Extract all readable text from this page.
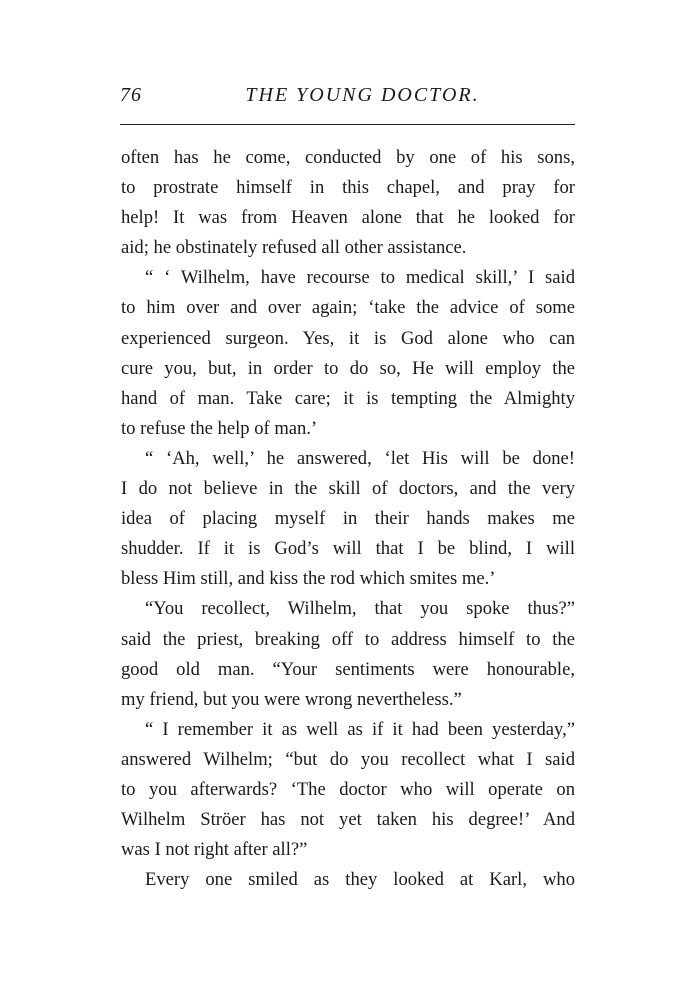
76	THE YOUNG DOCTOR.
often has he come, conducted by one of his sons,
to prostrate himself in this chapel, and pray for
help! It was from Heaven alone that he looked for
aid; he obstinately refused all other assistance.
“ ‘ Wilhelm, have recourse to medical skill,’ I said
to him over and over again; ‘take the advice of some
experienced surgeon. Yes, it is God alone who can
cure you, but, in order to do so, He will employ the
hand of man. Take care; it is tempting the Almighty
to refuse the help of man.’
“ ‘Ah, well,’ he answered, ‘let His will be done!
I do not believe in the skill of doctors, and the very
idea of placing myself in their hands makes me
shudder. If it is God’s will that I be blind, I will
bless Him still, and kiss the rod which smites me.’
“You recollect, Wilhelm, that you spoke thus?”
said the priest, breaking off to address himself to the
good old man. “Your sentiments were honourable,
my friend, but you were wrong nevertheless.”
“ I remember it as well as if it had been yesterday,”
answered Wilhelm; “but do you recollect what I said
to you afterwards? ‘The doctor who will operate on
Wilhelm Ströer has not yet taken his degree!’ And
was I not right after all?”
Every one smiled as they looked at Karl, who
